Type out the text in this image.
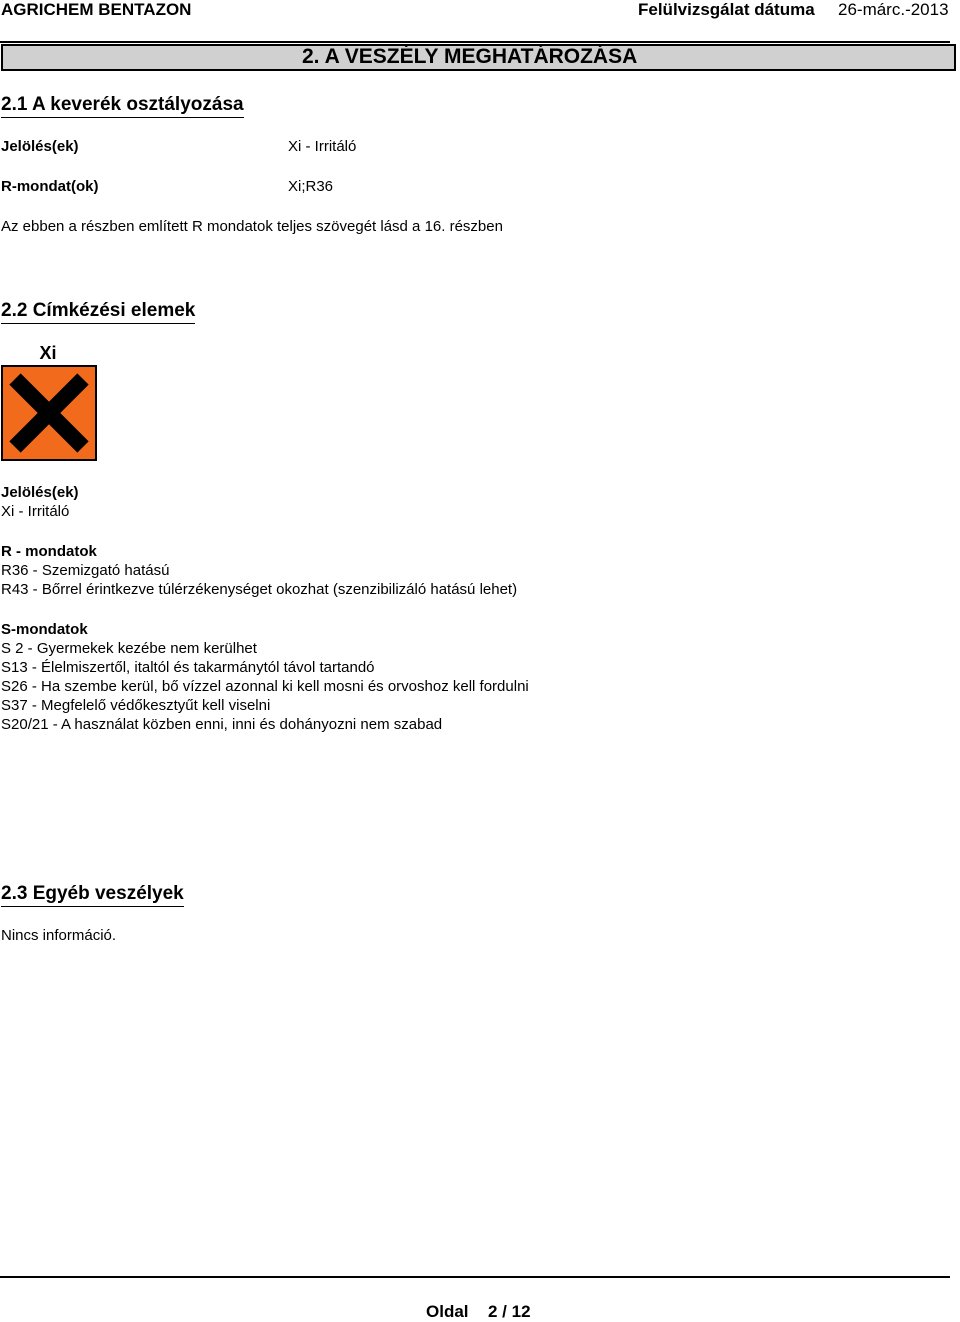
AGRICHEM BENTAZON	Felülvizsgálat dátuma 26-márc.-2013
2. A VESZÉLY MEGHATÁROZÁSA
2.1 A keverék osztályozása
Jelölés(ek)	Xi - Irritáló
R-mondat(ok)	Xi;R36
Az ebben a részben említett R mondatok teljes szövegét lásd a 16. részben
2.2 Címkézési elemek
Xi
Jelölés(ek)
Xi - Irritáló
R - mondatok
R36 - Szemizgató hatású
R43 - Bőrrel érintkezve túlérzékenységet okozhat (szenzibilizáló hatású lehet)
S-mondatok
S 2 - Gyermekek kezébe nem kerülhet
S13 - Élelmiszertől, italtól és takarmánytól távol tartandó
S26 - Ha szembe kerül, bő vízzel azonnal ki kell mosni és orvoshoz kell fordulni
S37 - Megfelelő védőkesztyűt kell viselni
S20/21 - A használat közben enni, inni és dohányozni nem szabad
2.3 Egyéb veszélyek
Nincs információ.
Oldal 2 / 12
